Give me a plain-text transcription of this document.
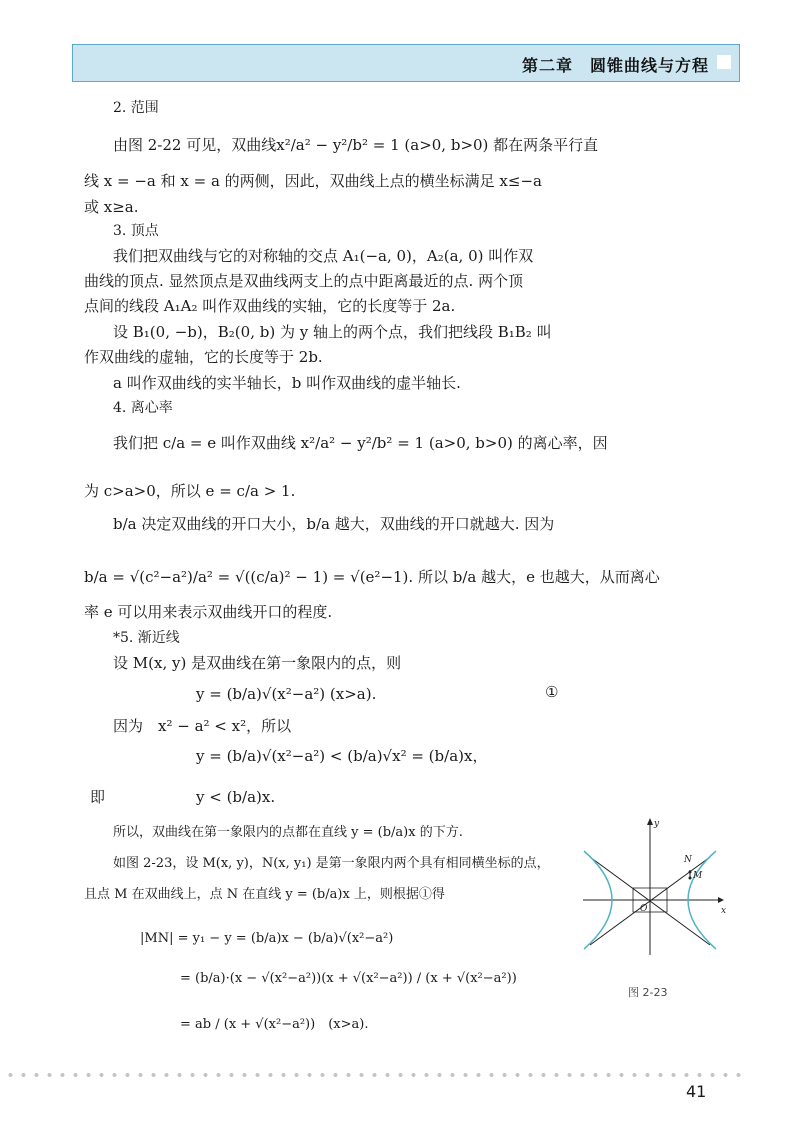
第二章　圆锥曲线与方程
2. 范围
由图 2-22 可见，双曲线x²/a² − y²/b² = 1 (a>0, b>0) 都在两条平行直
线 x = −a 和 x = a 的两侧，因此，双曲线上点的横坐标满足 x≤−a
或 x≥a.
3. 顶点
我们把双曲线与它的对称轴的交点 A₁(−a, 0)，A₂(a, 0) 叫作双
曲线的顶点. 显然顶点是双曲线两支上的点中距离最近的点. 两个顶
点间的线段 A₁A₂ 叫作双曲线的实轴，它的长度等于 2a.
设 B₁(0, −b)，B₂(0, b) 为 y 轴上的两个点，我们把线段 B₁B₂ 叫
作双曲线的虚轴，它的长度等于 2b.
a 叫作双曲线的实半轴长，b 叫作双曲线的虚半轴长.
4. 离心率
我们把 c/a = e 叫作双曲线 x²/a² − y²/b² = 1 (a>0, b>0) 的离心率，因
为 c>a>0，所以 e = c/a > 1.
b/a 决定双曲线的开口大小，b/a 越大，双曲线的开口就越大. 因为
b/a = √(c²−a²)/a² = √((c/a)² − 1) = √(e²−1). 所以 b/a 越大，e 也越大，从而离心
率 e 可以用来表示双曲线开口的程度.
*5. 渐近线
设 M(x, y) 是双曲线在第一象限内的点，则
y = (b/a)√(x²−a²) (x>a).	①
因为　x² − a² < x²，所以
y = (b/a)√(x²−a²) < (b/a)√x² = (b/a)x，
即	y < (b/a)x.
所以，双曲线在第一象限内的点都在直线 y = (b/a)x 的下方.
如图 2-23，设 M(x, y)，N(x, y₁) 是第一象限内两个具有相同横坐标的点，
且点 M 在双曲线上，点 N 在直线 y = (b/a)x 上，则根据①得
|MN| = y₁ − y = (b/a)x − (b/a)√(x²−a²)
= (b/a)·(x − √(x²−a²))(x + √(x²−a²)) / (x + √(x²−a²))
= ab / (x + √(x²−a²))　(x>a).
x
y
O
N
M
图 2-23
41
